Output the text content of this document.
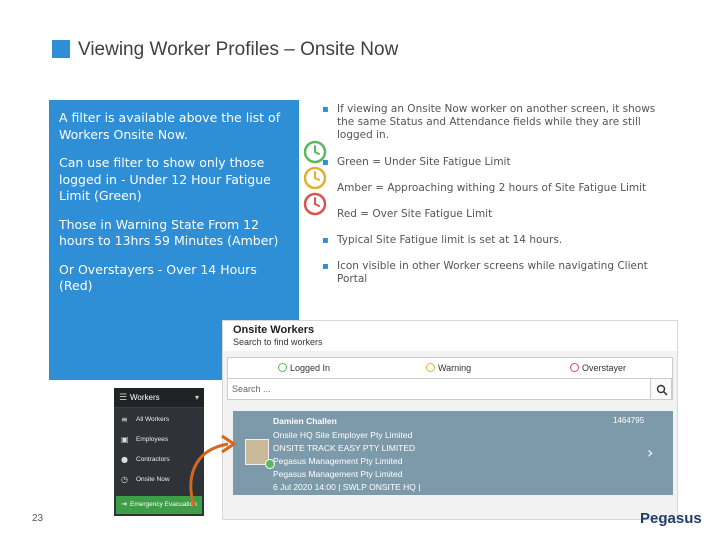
Viewing Worker Profiles – Onsite Now

A filter is available above the list of Workers Onsite Now.

Can use filter to show only those logged in - Under 12 Hour Fatigue Limit (Green)

Those in Warning State From 12 hours to 13hrs 59 Minutes (Amber)

Or Overstayers - Over 14 Hours (Red)

▪ If viewing an Onsite Now worker on another screen, it shows the same Status and Attendance fields while they are still logged in.
▪ Green = Under Site Fatigue Limit
Amber = Approaching withing 2 hours of Site Fatigue Limit
Red = Over Site Fatigue Limit
▪ Typical Site Fatigue limit is set at 14 hours.
▪ Icon visible in other Worker screens while navigating Client Portal
Onsite Workers
Search to find workers
Logged In	Warning	Overstayer
Search ...
Damien Challen	1464795
Onsite HQ Site Employer Pty Limited
ONSITE TRACK EASY PTY LIMITED
Pegasus Management Pty Limited
Pegasus Management Pty Limited
6 Jul 2020 14:00 | SWLP ONSITE HQ |
›
☰ Workers	▾
≡	All Workers
▣ Employees
●	Contractors
◷	Onsite Now
⇥ Emergency Evacuation
23	Pegasus
